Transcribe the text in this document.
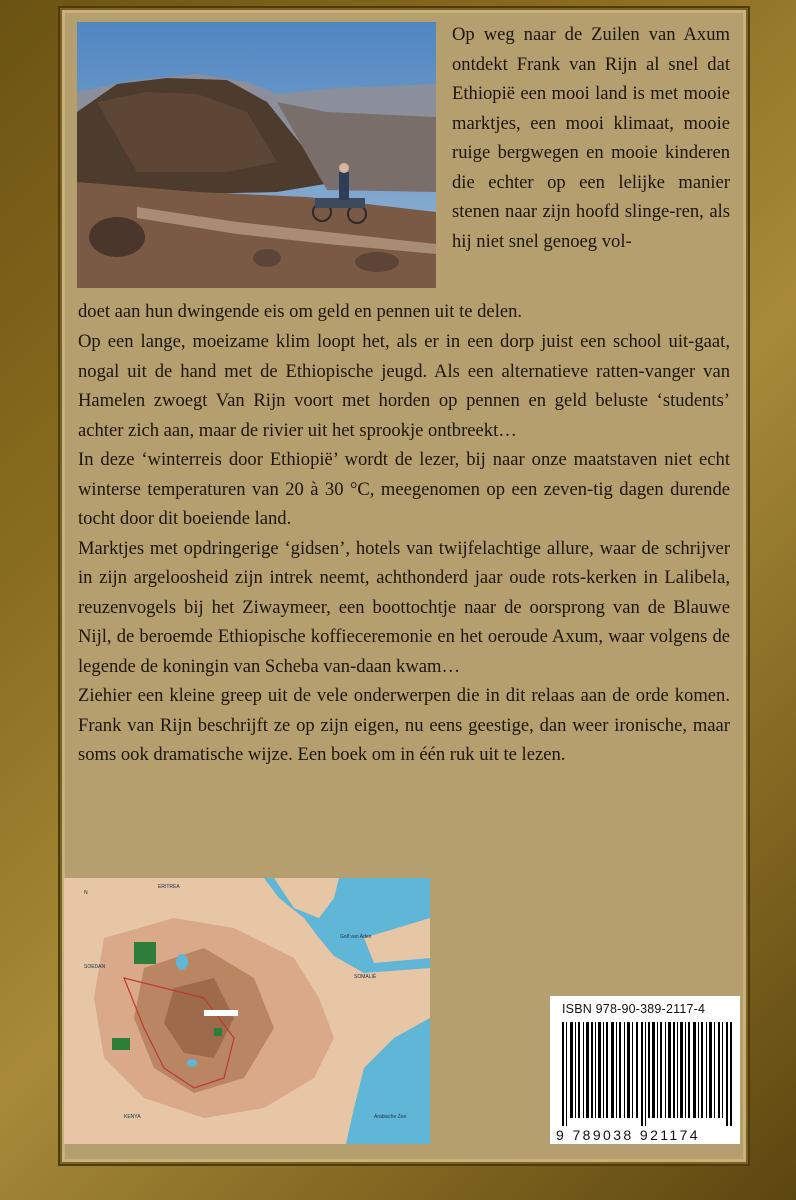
Op weg naar de Zuilen van Axum ontdekt Frank van Rijn al snel dat Ethiopië een mooi land is met mooie marktjes, een mooi klimaat, mooie ruige bergwegen en mooie kinderen die echter op een lelijke manier stenen naar zijn hoofd slinge-ren, als hij niet snel genoeg vol-

doet aan hun dwingende eis om geld en pennen uit te delen.

Op een lange, moeizame klim loopt het, als er in een dorp juist een school uit-gaat, nogal uit de hand met de Ethiopische jeugd. Als een alternatieve ratten-vanger van Hamelen zwoegt Van Rijn voort met horden op pennen en geld beluste ‘students’ achter zich aan, maar de rivier uit het sprookje ontbreekt…

In deze ‘winterreis door Ethiopië’ wordt de lezer, bij naar onze maatstaven niet echt winterse temperaturen van 20 à 30 °C, meegenomen op een zeven-tig dagen durende tocht door dit boeiende land.

Marktjes met opdringerige ‘gidsen’, hotels van twijfelachtige allure, waar de schrijver in zijn argeloosheid zijn intrek neemt, achthonderd jaar oude rots-kerken in Lalibela, reuzenvogels bij het Ziwaymeer, een boottochtje naar de oorsprong van de Blauwe Nijl, de beroemde Ethiopische koffieceremonie en het oeroude Axum, waar volgens de legende de koningin van Scheba van-daan kwam…

Ziehier een kleine greep uit de vele onderwerpen die in dit relaas aan de orde komen. Frank van Rijn beschrijft ze op zijn eigen, nu eens geestige, dan weer ironische, maar soms ook dramatische wijze. Een boek om in één ruk uit te lezen.

N
ERITREA
Golf van Aden
SOMALIË
SOEDAN
KENYA	Arabische Zee
ISBN 978-90-389-2117-4
9 789038 921174
